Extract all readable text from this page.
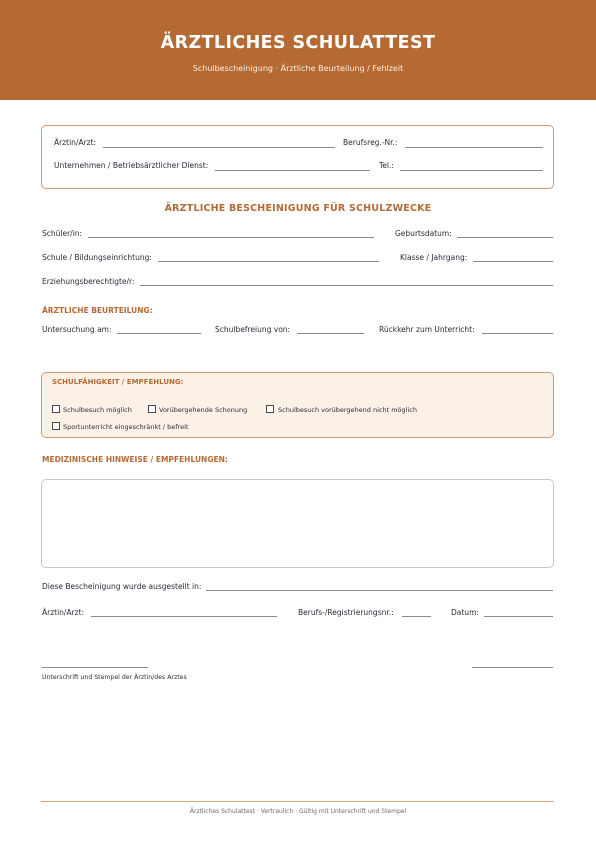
ÄRZTLICHES SCHULATTEST
Schulbescheinigung · Ärztliche Beurteilung / Fehlzeit
Ärztin/Arzt:	Berufsreg.-Nr.:
Unternehmen / Betriebsärztlicher Dienst:	Tel.:
ÄRZTLICHE BESCHEINIGUNG FÜR SCHULZWECKE
Schüler/in:	Geburtsdatum:
Schule / Bildungseinrichtung:	Klasse / Jahrgang:
Erziehungsberechtigte/r:
ÄRZTLICHE BEURTEILUNG:
Untersuchung am:	Schulbefreiung von:	Rückkehr zum Unterricht:
SCHULFÄHIGKEIT / EMPFEHLUNG:
Schulbesuch möglich	Vorübergehende Schonung	Schulbesuch vorübergehend nicht möglich
Sportunterricht eingeschränkt / befreit
MEDIZINISCHE HINWEISE / EMPFEHLUNGEN:
Diese Bescheinigung wurde ausgestellt in:
Ärztin/Arzt:	Berufs-/Registrierungsnr.:	Datum:
Unterschrift und Stempel der Ärztin/des Arztes
Ärztliches Schulattest · Vertraulich · Gültig mit Unterschrift und Stempel
